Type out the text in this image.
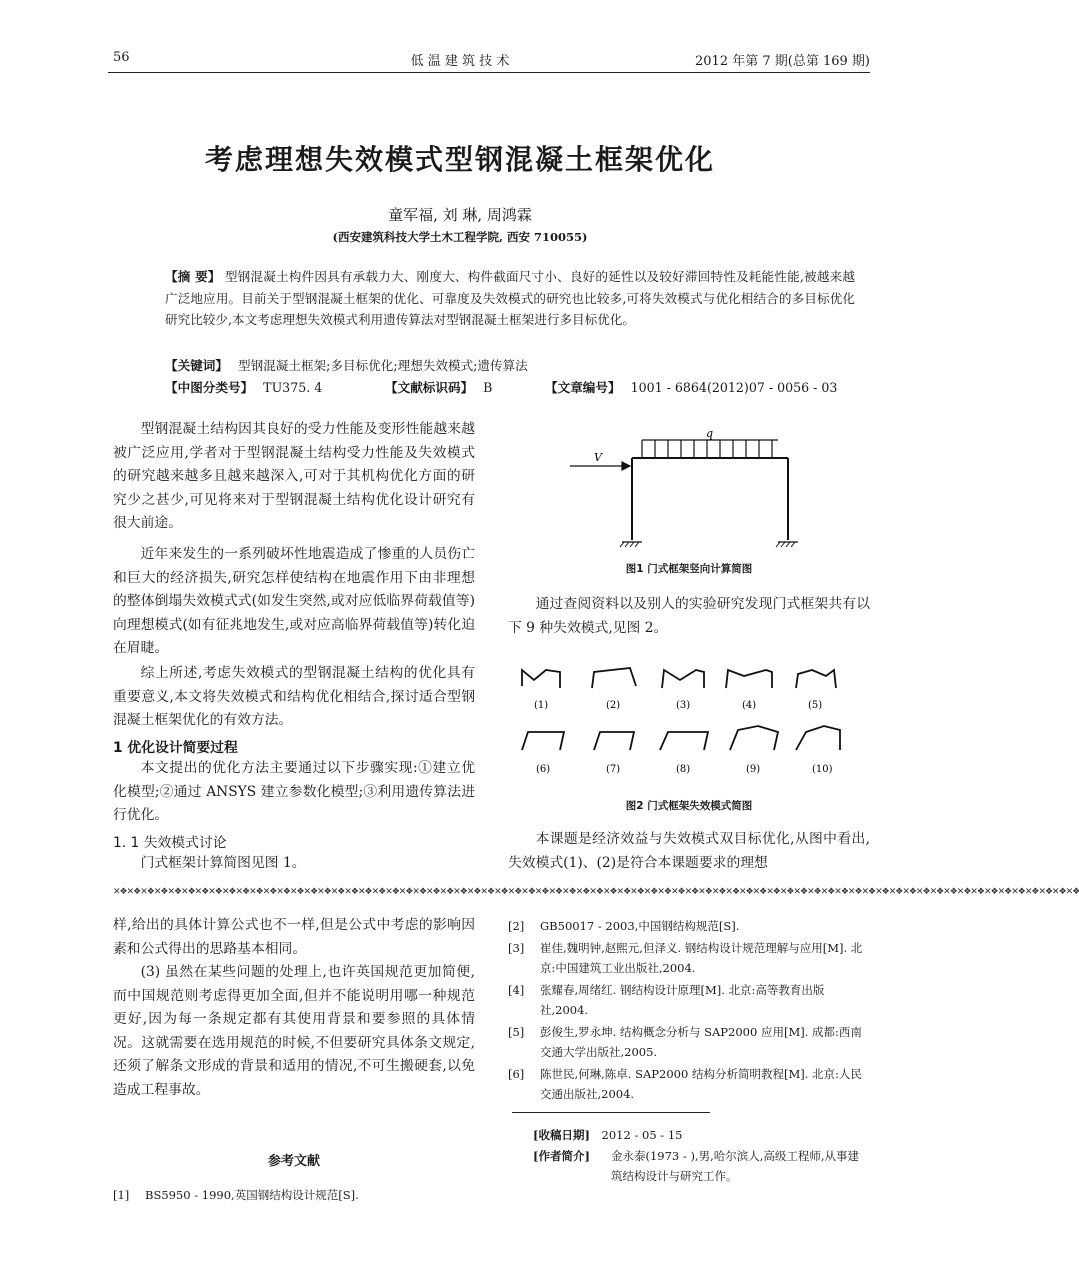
56	低 温 建 筑 技 术	2012 年第 7 期(总第 169 期)
考虑理想失效模式型钢混凝土框架优化
童军福, 刘 琳, 周鸿霖
(西安建筑科技大学土木工程学院, 西安 710055)
【摘 要】 型钢混凝土构件因具有承载力大、刚度大、构件截面尺寸小、良好的延性以及较好滞回特性及耗能性能,被越来越广泛地应用。目前关于型钢混凝土框架的优化、可靠度及失效模式的研究也比较多,可将失效模式与优化相结合的多目标优化研究比较少,本文考虑理想失效模式利用遗传算法对型钢混凝土框架进行多目标优化。
【关键词】 型钢混凝土框架;多目标优化;理想失效模式;遗传算法
【中图分类号】 TU375. 4	【文献标识码】 B	【文章编号】 1001 - 6864(2012)07 - 0056 - 03
型钢混凝土结构因其良好的受力性能及变形性能越来越被广泛应用,学者对于型钢混凝土结构受力性能及失效模式的研究越来越多且越来越深入,可对于其机构优化方面的研究少之甚少,可见将来对于型钢混凝土结构优化设计研究有很大前途。
近年来发生的一系列破坏性地震造成了惨重的人员伤亡和巨大的经济损失,研究怎样使结构在地震作用下由非理想的整体倒塌失效模式式(如发生突然,或对应低临界荷载值等)向理想模式(如有征兆地发生,或对应高临界荷载值等)转化迫在眉睫。
综上所述,考虑失效模式的型钢混凝土结构的优化具有重要意义,本文将失效模式和结构优化相结合,探讨适合型钢混凝土框架优化的有效方法。
1 优化设计简要过程
本文提出的优化方法主要通过以下步骤实现:①建立优化模型;②通过 ANSYS 建立参数化模型;③利用遗传算法进行优化。
1. 1 失效模式讨论
门式框架计算简图见图 1。
V
q
图1 门式框架竖向计算简图
通过查阅资料以及别人的实验研究发现门式框架共有以下 9 种失效模式,见图 2。
(1)	(2)	(3)	(4)	(5)
(6)	(7)	(8)	(9)	(10)
图2 门式框架失效模式简图
本课题是经济效益与失效模式双目标优化,从图中看出,失效模式(1)、(2)是符合本课题要求的理想
✕❖✕❖✕❖✕❖✕❖✕❖✕❖✕❖✕❖✕❖✕❖✕❖✕❖✕❖✕❖✕❖✕❖✕❖✕❖✕❖✕❖✕❖✕❖✕❖✕❖✕❖✕❖✕❖✕❖✕❖✕❖✕❖✕❖✕❖✕❖✕❖✕❖✕❖✕❖✕❖✕❖✕❖✕❖✕❖✕❖✕❖✕❖✕❖✕❖✕❖✕❖✕❖✕❖✕❖✕❖✕❖✕❖✕❖✕❖✕❖✕❖✕❖✕❖✕❖✕❖✕❖✕❖✕❖✕❖✕❖✕❖
样,给出的具体计算公式也不一样,但是公式中考虑的影响因素和公式得出的思路基本相同。
(3) 虽然在某些问题的处理上,也许英国规范更加简便,而中国规范则考虑得更加全面,但并不能说明用哪一种规范更好,因为每一条规定都有其使用背景和要参照的具体情况。这就需要在选用规范的时候,不但要研究具体条文规定,还须了解条文形成的背景和适用的情况,不可生搬硬套,以免造成工程事故。
参考文献
[1] BS5950 - 1990,英国钢结构设计规范[S].
[2] GB50017 - 2003,中国钢结构规范[S].
[3] 崔佳,魏明钟,赵熙元,但泽义. 钢结构设计规范理解与应用[M]. 北京:中国建筑工业出版社,2004.
[4] 张耀春,周绪红. 钢结构设计原理[M]. 北京:高等教育出版社,2004.
[5] 彭俊生,罗永坤. 结构概念分析与 SAP2000 应用[M]. 成都:西南交通大学出版社,2005.
[6] 陈世民,何琳,陈卓. SAP2000 结构分析简明教程[M]. 北京:人民交通出版社,2004.
[收稿日期] 2012 - 05 - 15
[作者简介] 金永泰(1973 - ),男,哈尔滨人,高级工程师,从事建筑结构设计与研究工作。
